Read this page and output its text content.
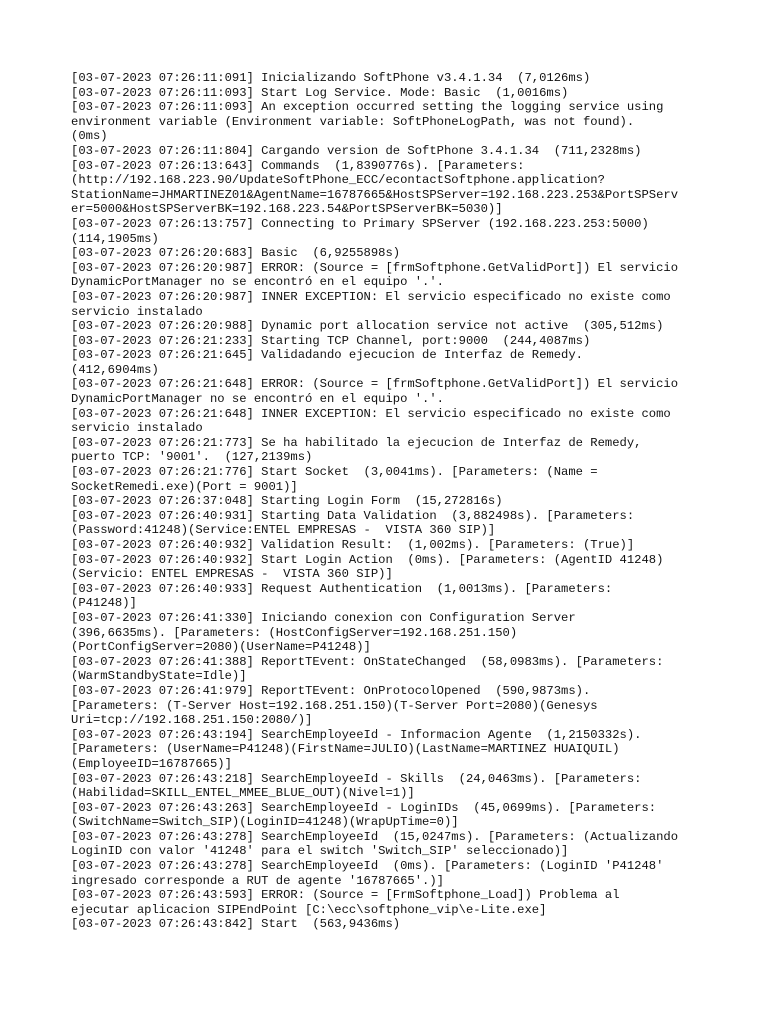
[03-07-2023 07:26:11:091] Inicializando SoftPhone v3.4.1.34  (7,0126ms)
[03-07-2023 07:26:11:093] Start Log Service. Mode: Basic  (1,0016ms)
[03-07-2023 07:26:11:093] An exception occurred setting the logging service using
environment variable (Environment variable: SoftPhoneLogPath, was not found).
(0ms)
[03-07-2023 07:26:11:804] Cargando version de SoftPhone 3.4.1.34  (711,2328ms)
[03-07-2023 07:26:13:643] Commands  (1,8390776s). [Parameters:
(http://192.168.223.90/UpdateSoftPhone_ECC/econtactSoftphone.application?
StationName=JHMARTINEZ01&AgentName=16787665&HostSPServer=192.168.223.253&PortSPServ
er=5000&HostSPServerBK=192.168.223.54&PortSPServerBK=5030)]
[03-07-2023 07:26:13:757] Connecting to Primary SPServer (192.168.223.253:5000)
(114,1905ms)
[03-07-2023 07:26:20:683] Basic  (6,9255898s)
[03-07-2023 07:26:20:987] ERROR: (Source = [frmSoftphone.GetValidPort]) El servicio
DynamicPortManager no se encontró en el equipo '.'.
[03-07-2023 07:26:20:987] INNER EXCEPTION: El servicio especificado no existe como
servicio instalado
[03-07-2023 07:26:20:988] Dynamic port allocation service not active  (305,512ms)
[03-07-2023 07:26:21:233] Starting TCP Channel, port:9000  (244,4087ms)
[03-07-2023 07:26:21:645] Validadando ejecucion de Interfaz de Remedy.
(412,6904ms)
[03-07-2023 07:26:21:648] ERROR: (Source = [frmSoftphone.GetValidPort]) El servicio
DynamicPortManager no se encontró en el equipo '.'.
[03-07-2023 07:26:21:648] INNER EXCEPTION: El servicio especificado no existe como
servicio instalado
[03-07-2023 07:26:21:773] Se ha habilitado la ejecucion de Interfaz de Remedy,
puerto TCP: '9001'.  (127,2139ms)
[03-07-2023 07:26:21:776] Start Socket  (3,0041ms). [Parameters: (Name =
SocketRemedi.exe)(Port = 9001)]
[03-07-2023 07:26:37:048] Starting Login Form  (15,272816s)
[03-07-2023 07:26:40:931] Starting Data Validation  (3,882498s). [Parameters:
(Password:41248)(Service:ENTEL EMPRESAS -  VISTA 360 SIP)]
[03-07-2023 07:26:40:932] Validation Result:  (1,002ms). [Parameters: (True)]
[03-07-2023 07:26:40:932] Start Login Action  (0ms). [Parameters: (AgentID 41248)
(Servicio: ENTEL EMPRESAS -  VISTA 360 SIP)]
[03-07-2023 07:26:40:933] Request Authentication  (1,0013ms). [Parameters:
(P41248)]
[03-07-2023 07:26:41:330] Iniciando conexion con Configuration Server
(396,6635ms). [Parameters: (HostConfigServer=192.168.251.150)
(PortConfigServer=2080)(UserName=P41248)]
[03-07-2023 07:26:41:388] ReportTEvent: OnStateChanged  (58,0983ms). [Parameters:
(WarmStandbyState=Idle)]
[03-07-2023 07:26:41:979] ReportTEvent: OnProtocolOpened  (590,9873ms).
[Parameters: (T-Server Host=192.168.251.150)(T-Server Port=2080)(Genesys
Uri=tcp://192.168.251.150:2080/)]
[03-07-2023 07:26:43:194] SearchEmployeeId - Informacion Agente  (1,2150332s).
[Parameters: (UserName=P41248)(FirstName=JULIO)(LastName=MARTINEZ HUAIQUIL)
(EmployeeID=16787665)]
[03-07-2023 07:26:43:218] SearchEmployeeId - Skills  (24,0463ms). [Parameters:
(Habilidad=SKILL_ENTEL_MMEE_BLUE_OUT)(Nivel=1)]
[03-07-2023 07:26:43:263] SearchEmployeeId - LoginIDs  (45,0699ms). [Parameters:
(SwitchName=Switch_SIP)(LoginID=41248)(WrapUpTime=0)]
[03-07-2023 07:26:43:278] SearchEmployeeId  (15,0247ms). [Parameters: (Actualizando
LoginID con valor '41248' para el switch 'Switch_SIP' seleccionado)]
[03-07-2023 07:26:43:278] SearchEmployeeId  (0ms). [Parameters: (LoginID 'P41248'
ingresado corresponde a RUT de agente '16787665'.)]
[03-07-2023 07:26:43:593] ERROR: (Source = [FrmSoftphone_Load]) Problema al
ejecutar aplicacion SIPEndPoint [C:\ecc\softphone_vip\e-Lite.exe]
[03-07-2023 07:26:43:842] Start  (563,9436ms)
